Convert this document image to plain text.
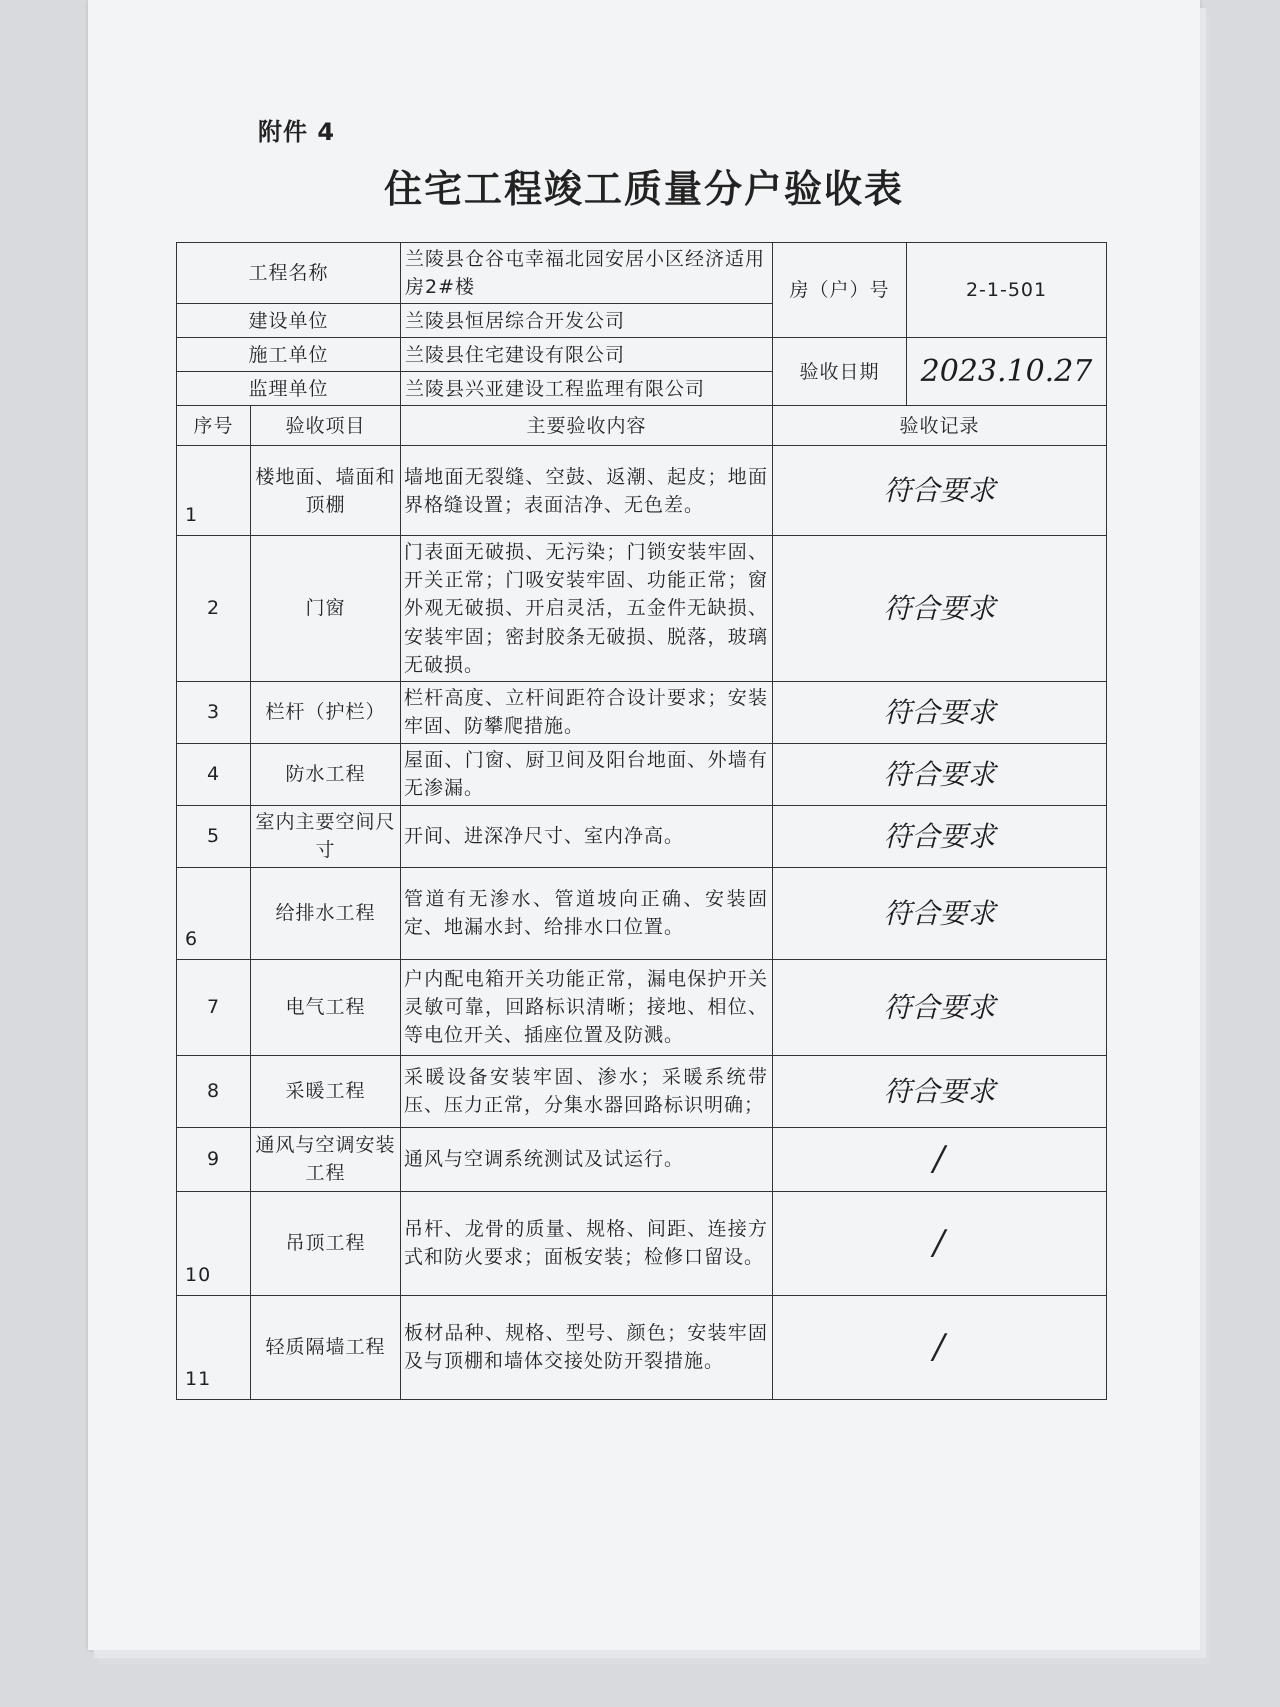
附件 4
住宅工程竣工质量分户验收表
工程名称		兰陵县仓谷屯幸福北园安居小区经济适用房2#楼	房（户）号	2-1-501
建设单位		兰陵县恒居综合开发公司		
施工单位		兰陵县住宅建设有限公司	验收日期	2023.10.27
监理单位		兰陵县兴亚建设工程监理有限公司		
序号	验收项目	主要验收内容	验收记录	
1	楼地面、墙面和顶棚	墙地面无裂缝、空鼓、返潮、起皮；地面界格缝设置；表面洁净、无色差。	符合要求	
2	门窗	门表面无破损、无污染；门锁安装牢固、开关正常；门吸安装牢固、功能正常；窗外观无破损、开启灵活，五金件无缺损、 安装牢固；密封胶条无破损、脱落，玻璃无破损。	符合要求	
3	栏杆（护栏）	栏杆高度、立杆间距符合设计要求；安装牢固、防攀爬措施。	符合要求	
4	防水工程	屋面、门窗、厨卫间及阳台地面、外墙有无渗漏。	符合要求	
5	室内主要空间尺寸	开间、进深净尺寸、室内净高。	符合要求	
6	给排水工程	管道有无渗水、管道坡向正确、安装固定、地漏水封、给排水口位置。	符合要求	
7	电气工程	户内配电箱开关功能正常，漏电保护开关灵敏可靠，回路标识清晰；接地、相位、等电位开关、插座位置及防溅。	符合要求	
8	采暖工程	采暖设备安装牢固、渗水；采暖系统带压、压力正常，分集水器回路标识明确；	符合要求	
9	通风与空调安装工程	通风与空调系统测试及试运行。	/	
10	吊顶工程	吊杆、龙骨的质量、规格、间距、连接方式和防火要求；面板安装；检修口留设。	/	
11	轻质隔墙工程	板材品种、规格、型号、颜色；安装牢固及与顶棚和墙体交接处防开裂措施。	/	
